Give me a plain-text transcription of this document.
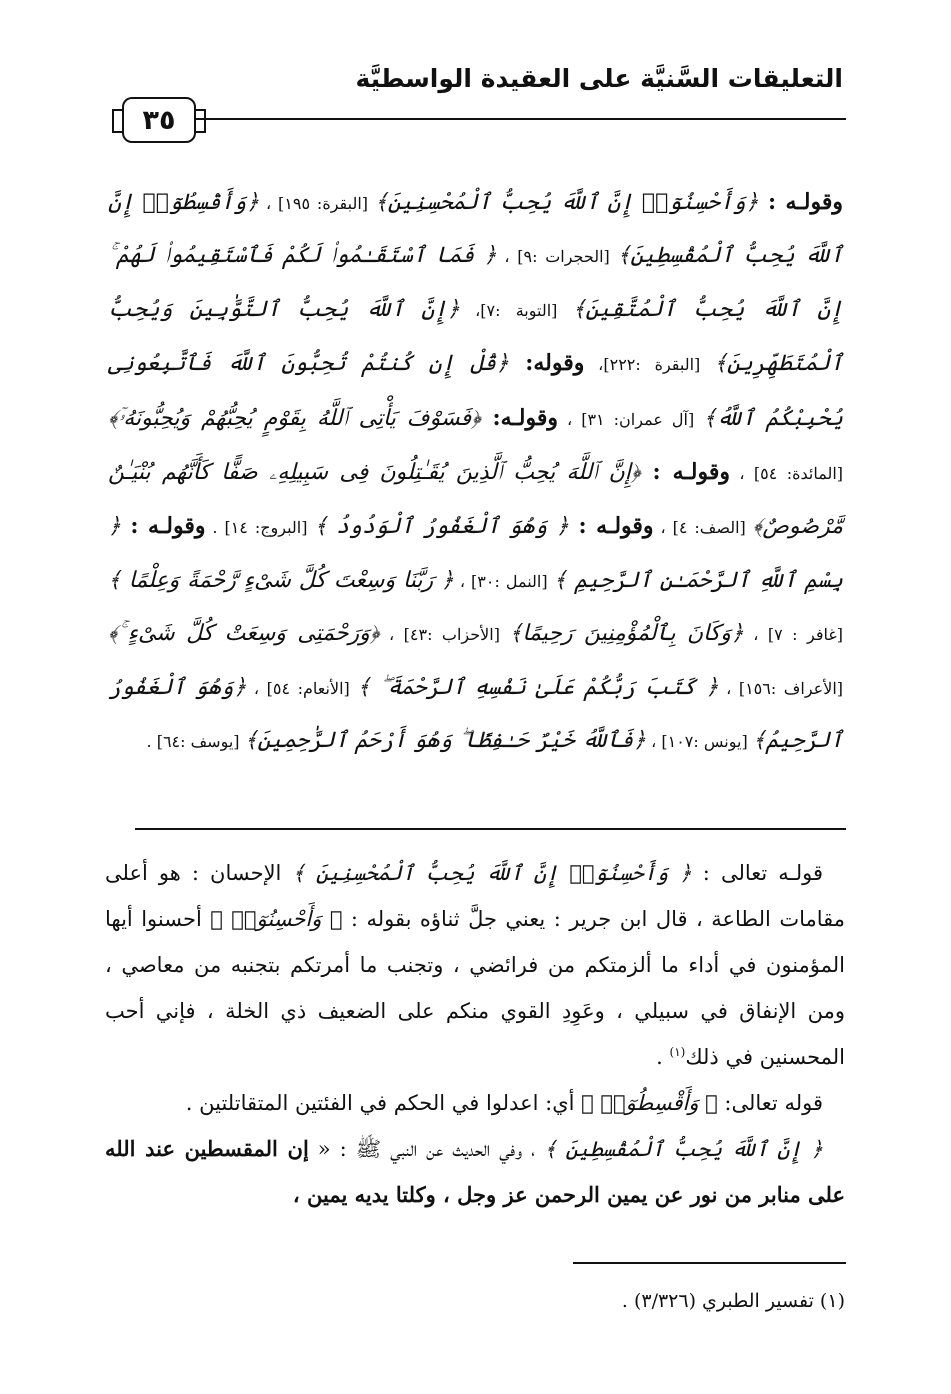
التعليقات السَّنيَّة على العقيدة الواسطيَّة
٣٥

وقولـه : ﴿وَأَحْسِنُوٓا۟ إِنَّ ٱللَّهَ يُحِبُّ ٱلْمُحْسِنِينَ﴾ [البقرة: ١٩٥] ، ﴿وَأَقْسِطُوٓا۟ إِنَّ ٱللَّهَ يُحِبُّ ٱلْمُقْسِطِينَ﴾ [الحجرات :٩] ، ﴿ فَمَا ٱسْتَقَـٰمُوا۟ لَكُمْ فَٱسْتَقِيمُوا۟ لَهُمْ ۚ إِنَّ ٱللَّهَ يُحِبُّ ٱلْمُتَّقِينَ﴾ [التوبة :٧]، ﴿إِنَّ ٱللَّهَ يُحِبُّ ٱلتَّوَّٰبِينَ وَيُحِبُّ ٱلْمُتَطَهِّرِينَ﴾ [البقرة :٢٢٢]، وقوله: ﴿قُلْ إِن كُنتُمْ تُحِبُّونَ ٱللَّهَ فَٱتَّبِعُونِى يُحْبِبْكُمُ ٱللَّهُ﴾ [آل عمران: ٣١] ، وقولـه: ﴿فَسَوْفَ يَأْتِى ٱللَّهُ بِقَوْمٍ يُحِبُّهُمْ وَيُحِبُّونَهُۥٓ﴾ [المائدة: ٥٤] ، وقولـه : ﴿إِنَّ ٱللَّهَ يُحِبُّ ٱلَّذِينَ يُقَـٰتِلُونَ فِى سَبِيلِهِۦ صَفًّا كَأَنَّهُم بُنْيَـٰنٌ مَّرْصُوصٌ﴾ [الصف: ٤] ، وقولـه : ﴿ وَهُوَ ٱلْغَفُورُ ٱلْوَدُودُ ﴾ [البروج: ١٤] . وقولـه : ﴿ بِسْمِ ٱللَّهِ ٱلرَّحْمَـٰنِ ٱلرَّحِيمِ ﴾ [النمل :٣٠] ، ﴿ رَبَّنَا وَسِعْتَ كُلَّ شَىْءٍ رَّحْمَةً وَعِلْمًا ﴾ [غافر : ٧] ، ﴿وَكَانَ بِٱلْمُؤْمِنِينَ رَحِيمًا﴾ [الأحزاب :٤٣] ، ﴿وَرَحْمَتِى وَسِعَتْ كُلَّ شَىْءٍ ۚ﴾ [الأعراف :١٥٦] ، ﴿ كَتَبَ رَبُّكُمْ عَلَىٰ نَفْسِهِ ٱلرَّحْمَةَ ۖ ﴾ [الأنعام: ٥٤] ، ﴿وَهُوَ ٱلْغَفُورُ ٱلرَّحِيمُ﴾ [يونس :١٠٧] ، ﴿فَٱللَّهُ خَيْرٌ حَـٰفِظًا ۖ وَهُوَ أَرْحَمُ ٱلرَّٰحِمِينَ﴾ [يوسف :٦٤] .

قولـه تعالى : ﴿ وَأَحْسِنُوٓا۟ إِنَّ ٱللَّهَ يُحِبُّ ٱلْمُحْسِنِينَ ﴾ الإحسان : هو أعلى مقامات الطاعة ، قال ابن جرير : يعني جلَّ ثناؤه بقوله : ﴿ وَأَحْسِنُوٓا۟ ﴾ أحسنوا أيها المؤمنون في أداء ما ألزمتكم من فرائضي ، وتجنب ما أمرتكم بتجنبه من معاصي ، ومن الإنفاق في سبيلي ، وعَوِدِ القوي منكم على الضعيف ذي الخلة ، فإني أحب المحسنين في ذلك$^{(١)}$ .

قوله تعالى: ﴿ وَأَقْسِطُوٓا۟ ﴾ أي: اعدلوا في الحكم في الفئتين المتقاتلتين .

﴿ إِنَّ ٱللَّهَ يُحِبُّ ٱلْمُقْسِطِينَ ﴾ ، وفي الحديث عن النبي ﷺ : « إن المقسطين عند الله على منابر من نور عن يمين الرحمن عز وجل ، وكلتا يديه يمين ،

(١) تفسير الطبري (٣/٣٢٦) .
